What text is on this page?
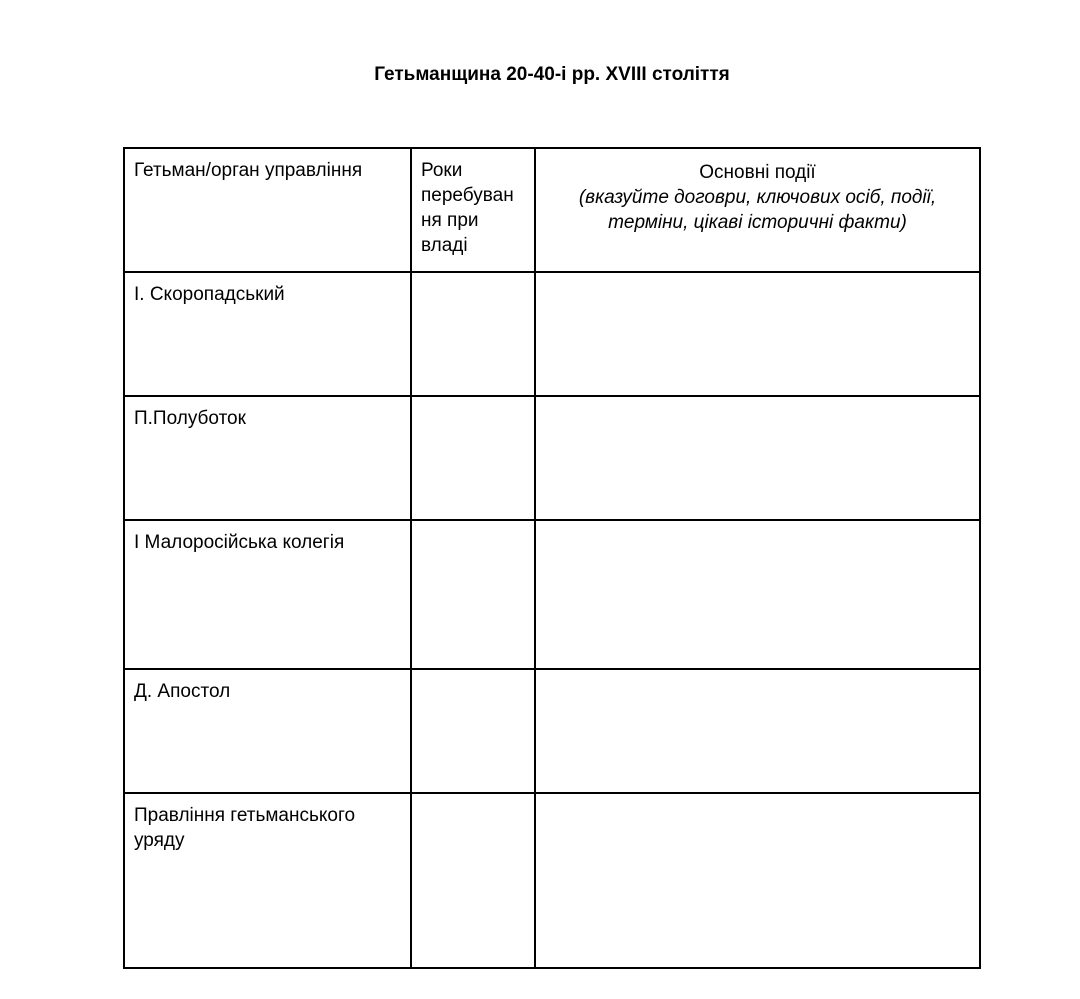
Гетьманщина 20-40-і рр. XVIII століття
Гетьман/орган управління	Роки перебуван ня при владі	Основні події
(вказуйте договри, ключових осіб, події, терміни, цікаві історичні факти)

І. Скоропадський		
П.Полуботок		
І Малоросійська колегія		
Д. Апостол		
Правління гетьманського уряду		
